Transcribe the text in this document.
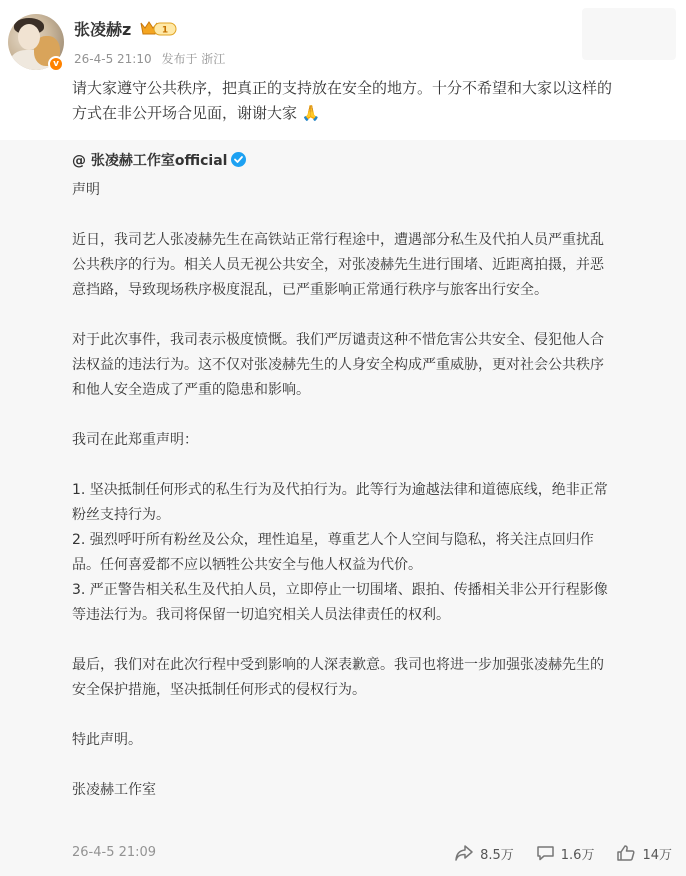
v
张凌赫z	1
26-4-5 21:10 发布于 浙江
请大家遵守公共秩序，把真正的支持放在安全的地方。十分不希望和大家以这样的
方式在非公开场合见面，谢谢大家 🙏
@ 张凌赫工作室official

声明

近日，我司艺人张凌赫先生在高铁站正常行程途中，遭遇部分私生及代拍人员严重扰乱

公共秩序的行为。相关人员无视公共安全，对张凌赫先生进行围堵、近距离拍摄，并恶

意挡路，导致现场秩序极度混乱，已严重影响正常通行秩序与旅客出行安全。

对于此次事件，我司表示极度愤慨。我们严厉谴责这种不惜危害公共安全、侵犯他人合

法权益的违法行为。这不仅对张凌赫先生的人身安全构成严重威胁，更对社会公共秩序

和他人安全造成了严重的隐患和影响。

我司在此郑重声明：

1. 坚决抵制任何形式的私生行为及代拍行为。此等行为逾越法律和道德底线，绝非正常

粉丝支持行为。

2. 强烈呼吁所有粉丝及公众，理性追星，尊重艺人个人空间与隐私，将关注点回归作

品。任何喜爱都不应以牺牲公共安全与他人权益为代价。

3. 严正警告相关私生及代拍人员，立即停止一切围堵、跟拍、传播相关非公开行程影像

等违法行为。我司将保留一切追究相关人员法律责任的权利。

最后，我们对在此次行程中受到影响的人深表歉意。我司也将进一步加强张凌赫先生的

安全保护措施，坚决抵制任何形式的侵权行为。

特此声明。

张凌赫工作室

26-4-5 21:09	8.5万	1.6万	14万
